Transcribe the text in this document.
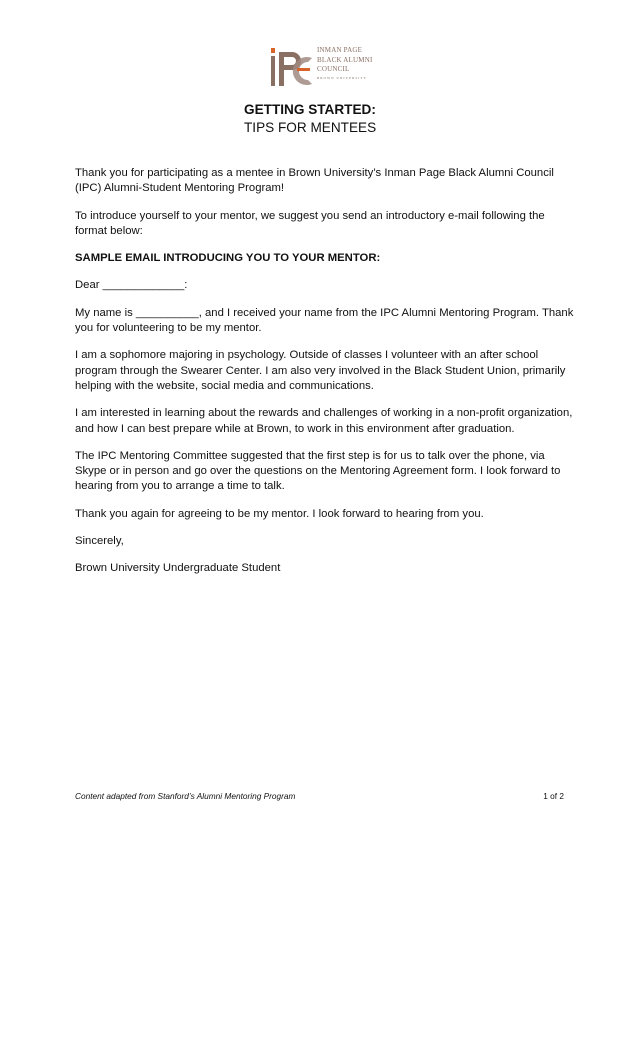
INMAN PAGE
BLACK ALUMNI
COUNCIL
BROWN UNIVERSITY
GETTING STARTED:
TIPS FOR MENTEES

Thank you for participating as a mentee in Brown University’s Inman Page Black Alumni Council (IPC) Alumni-Student Mentoring Program!

To introduce yourself to your mentor, we suggest you send an introductory e-mail following the format below:

SAMPLE EMAIL INTRODUCING YOU TO YOUR MENTOR:

Dear _____________:

My name is __________, and I received your name from the IPC Alumni Mentoring Program. Thank you for volunteering to be my mentor.

I am a sophomore majoring in psychology. Outside of classes I volunteer with an after school program through the Swearer Center. I am also very involved in the Black Student Union, primarily helping with the website, social media and communications.

I am interested in learning about the rewards and challenges of working in a non-profit organization, and how I can best prepare while at Brown, to work in this environment after graduation.

The IPC Mentoring Committee suggested that the first step is for us to talk over the phone, via Skype or in person and go over the questions on the Mentoring Agreement form. I look forward to hearing from you to arrange a time to talk.

Thank you again for agreeing to be my mentor. I look forward to hearing from you.

Sincerely,

Brown University Undergraduate Student

Content adapted from Stanford’s Alumni Mentoring Program	1 of 2
